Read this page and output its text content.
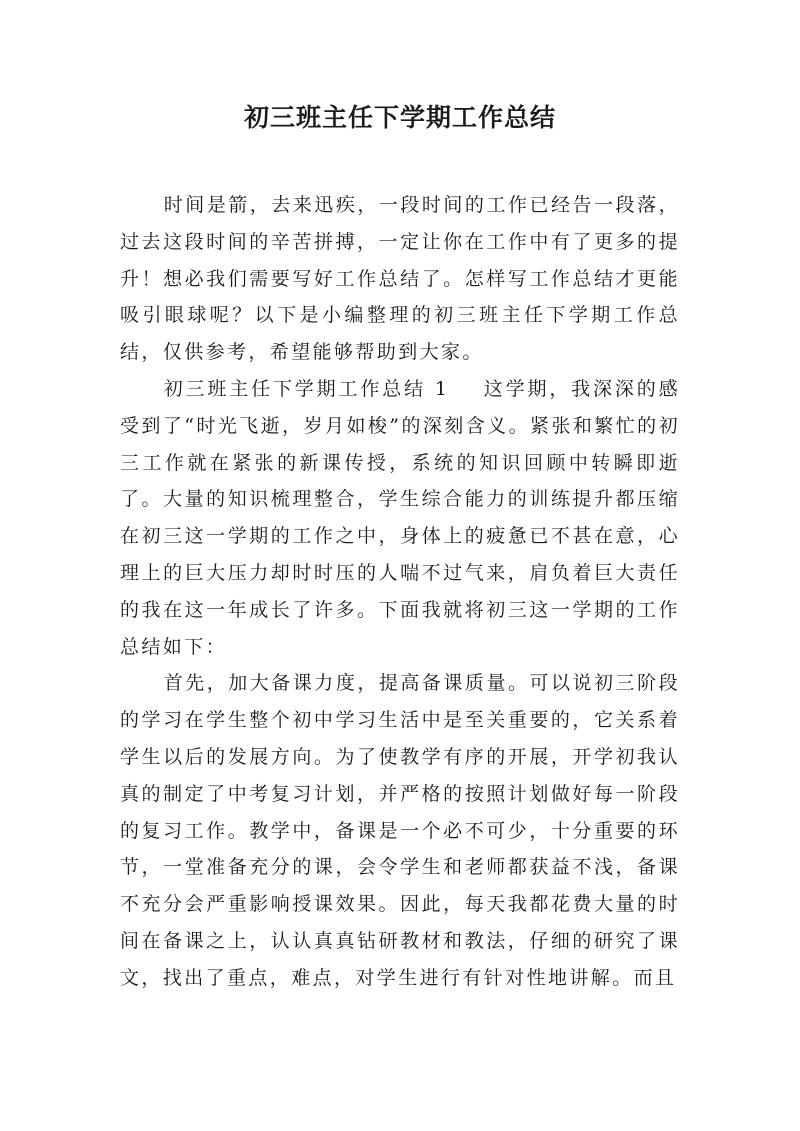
初三班主任下学期工作总结

时间是箭，去来迅疾，一段时间的工作已经告一段落，过去这段时间的辛苦拼搏，一定让你在工作中有了更多的提升！想必我们需要写好工作总结了。怎样写工作总结才更能吸引眼球呢？以下是小编整理的初三班主任下学期工作总结，仅供参考，希望能够帮助到大家。

初三班主任下学期工作总结 1 这学期，我深深的感受到了“时光飞逝，岁月如梭”的深刻含义。紧张和繁忙的初三工作就在紧张的新课传授，系统的知识回顾中转瞬即逝了。大量的知识梳理整合，学生综合能力的训练提升都压缩在初三这一学期的工作之中，身体上的疲惫已不甚在意，心理上的巨大压力却时时压的人喘不过气来，肩负着巨大责任的我在这一年成长了许多。下面我就将初三这一学期的工作总结如下：

首先，加大备课力度，提高备课质量。可以说初三阶段的学习在学生整个初中学习生活中是至关重要的，它关系着学生以后的发展方向。为了使教学有序的开展，开学初我认真的制定了中考复习计划，并严格的按照计划做好每一阶段的复习工作。教学中，备课是一个必不可少，十分重要的环节，一堂准备充分的课，会令学生和老师都获益不浅，备课不充分会严重影响授课效果。因此，每天我都花费大量的时间在备课之上，认认真真钻研教材和教法，仔细的研究了课文，找出了重点，难点，对学生进行有针对性地讲解。而且
